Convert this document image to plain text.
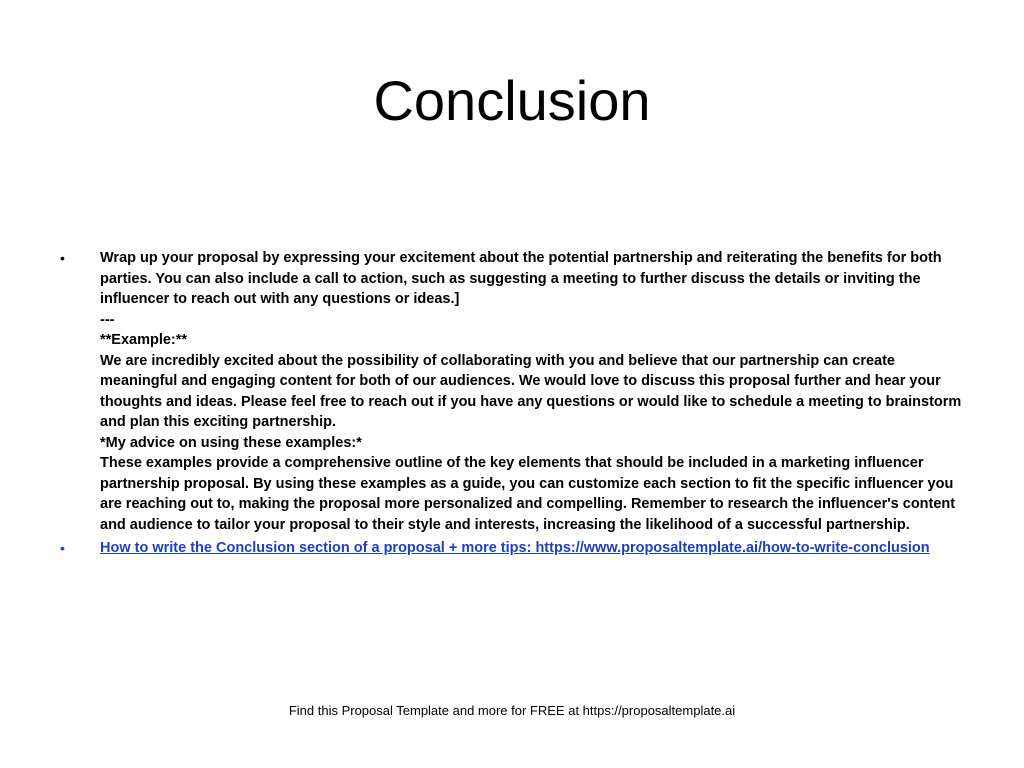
Conclusion
• Wrap up your proposal by expressing your excitement about the potential partnership and reiterating the benefits for both parties. You can also include a call to action, such as suggesting a meeting to further discuss the details or inviting the influencer to reach out with any questions or ideas.]
---
**Example:**
We are incredibly excited about the possibility of collaborating with you and believe that our partnership can create meaningful and engaging content for both of our audiences. We would love to discuss this proposal further and hear your thoughts and ideas. Please feel free to reach out if you have any questions or would like to schedule a meeting to brainstorm and plan this exciting partnership.
*My advice on using these examples:*
These examples provide a comprehensive outline of the key elements that should be included in a marketing influencer partnership proposal. By using these examples as a guide, you can customize each section to fit the specific influencer you are reaching out to, making the proposal more personalized and compelling. Remember to research the influencer's content and audience to tailor your proposal to their style and interests, increasing the likelihood of a successful partnership.
• How to write the Conclusion section of a proposal + more tips: https://www.proposaltemplate.ai/how-to-write-conclusion
Find this Proposal Template and more for FREE at https://proposaltemplate.ai
